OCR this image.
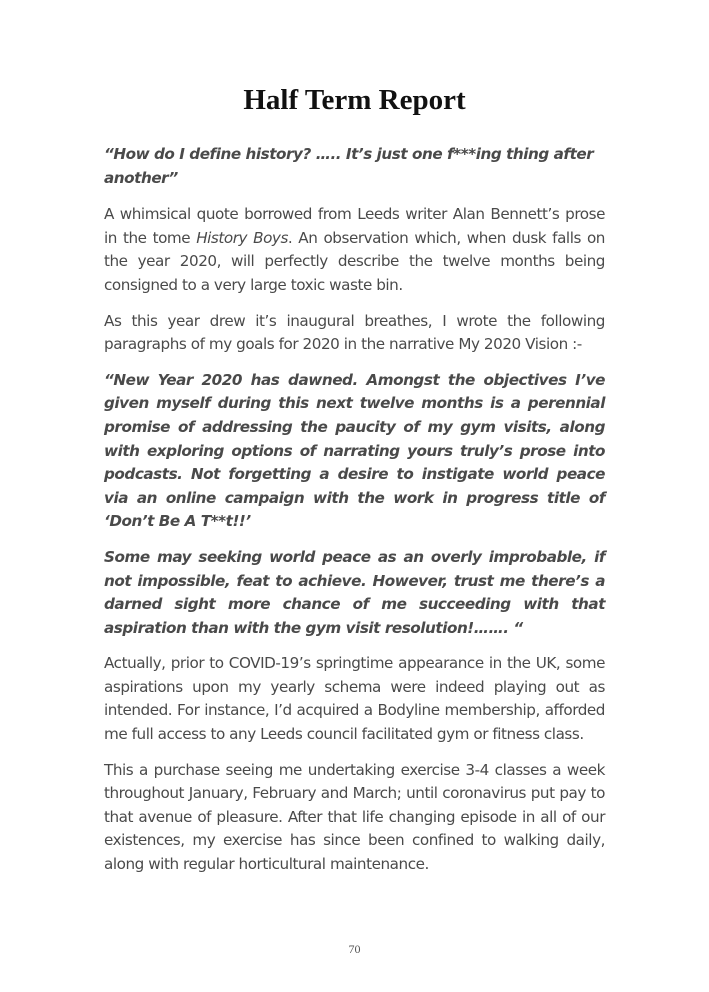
Half Term Report

“How do I define history? ….. It’s just one f***ing thing after another”

A whimsical quote borrowed from Leeds writer Alan Bennett’s prose in the tome History Boys. An observation which, when dusk falls on the year 2020, will perfectly describe the twelve months being consigned to a very large toxic waste bin.

As this year drew it’s inaugural breathes, I wrote the following paragraphs of my goals for 2020 in the narrative My 2020 Vision :-

“New Year 2020 has dawned. Amongst the objectives I’ve given myself during this next twelve months is a perennial promise of addressing the paucity of my gym visits, along with exploring options of narrating yours truly’s prose into podcasts. Not forgetting a desire to instigate world peace via an online campaign with the work in progress title of ‘Don’t Be A T**t!!’

Some may seeking world peace as an overly improbable, if not impossible, feat to achieve. However, trust me there’s a darned sight more chance of me succeeding with that aspiration than with the gym visit resolution!……. “

Actually, prior to COVID-19’s springtime appearance in the UK, some aspirations upon my yearly schema were indeed playing out as intended. For instance, I’d acquired a Bodyline membership, afforded me full access to any Leeds council facilitated gym or fitness class.

This a purchase seeing me undertaking exercise 3-4 classes a week throughout January, February and March; until coronavirus put pay to that avenue of pleasure. After that life changing episode in all of our existences, my exercise has since been confined to walking daily, along with regular horticultural maintenance.

70
